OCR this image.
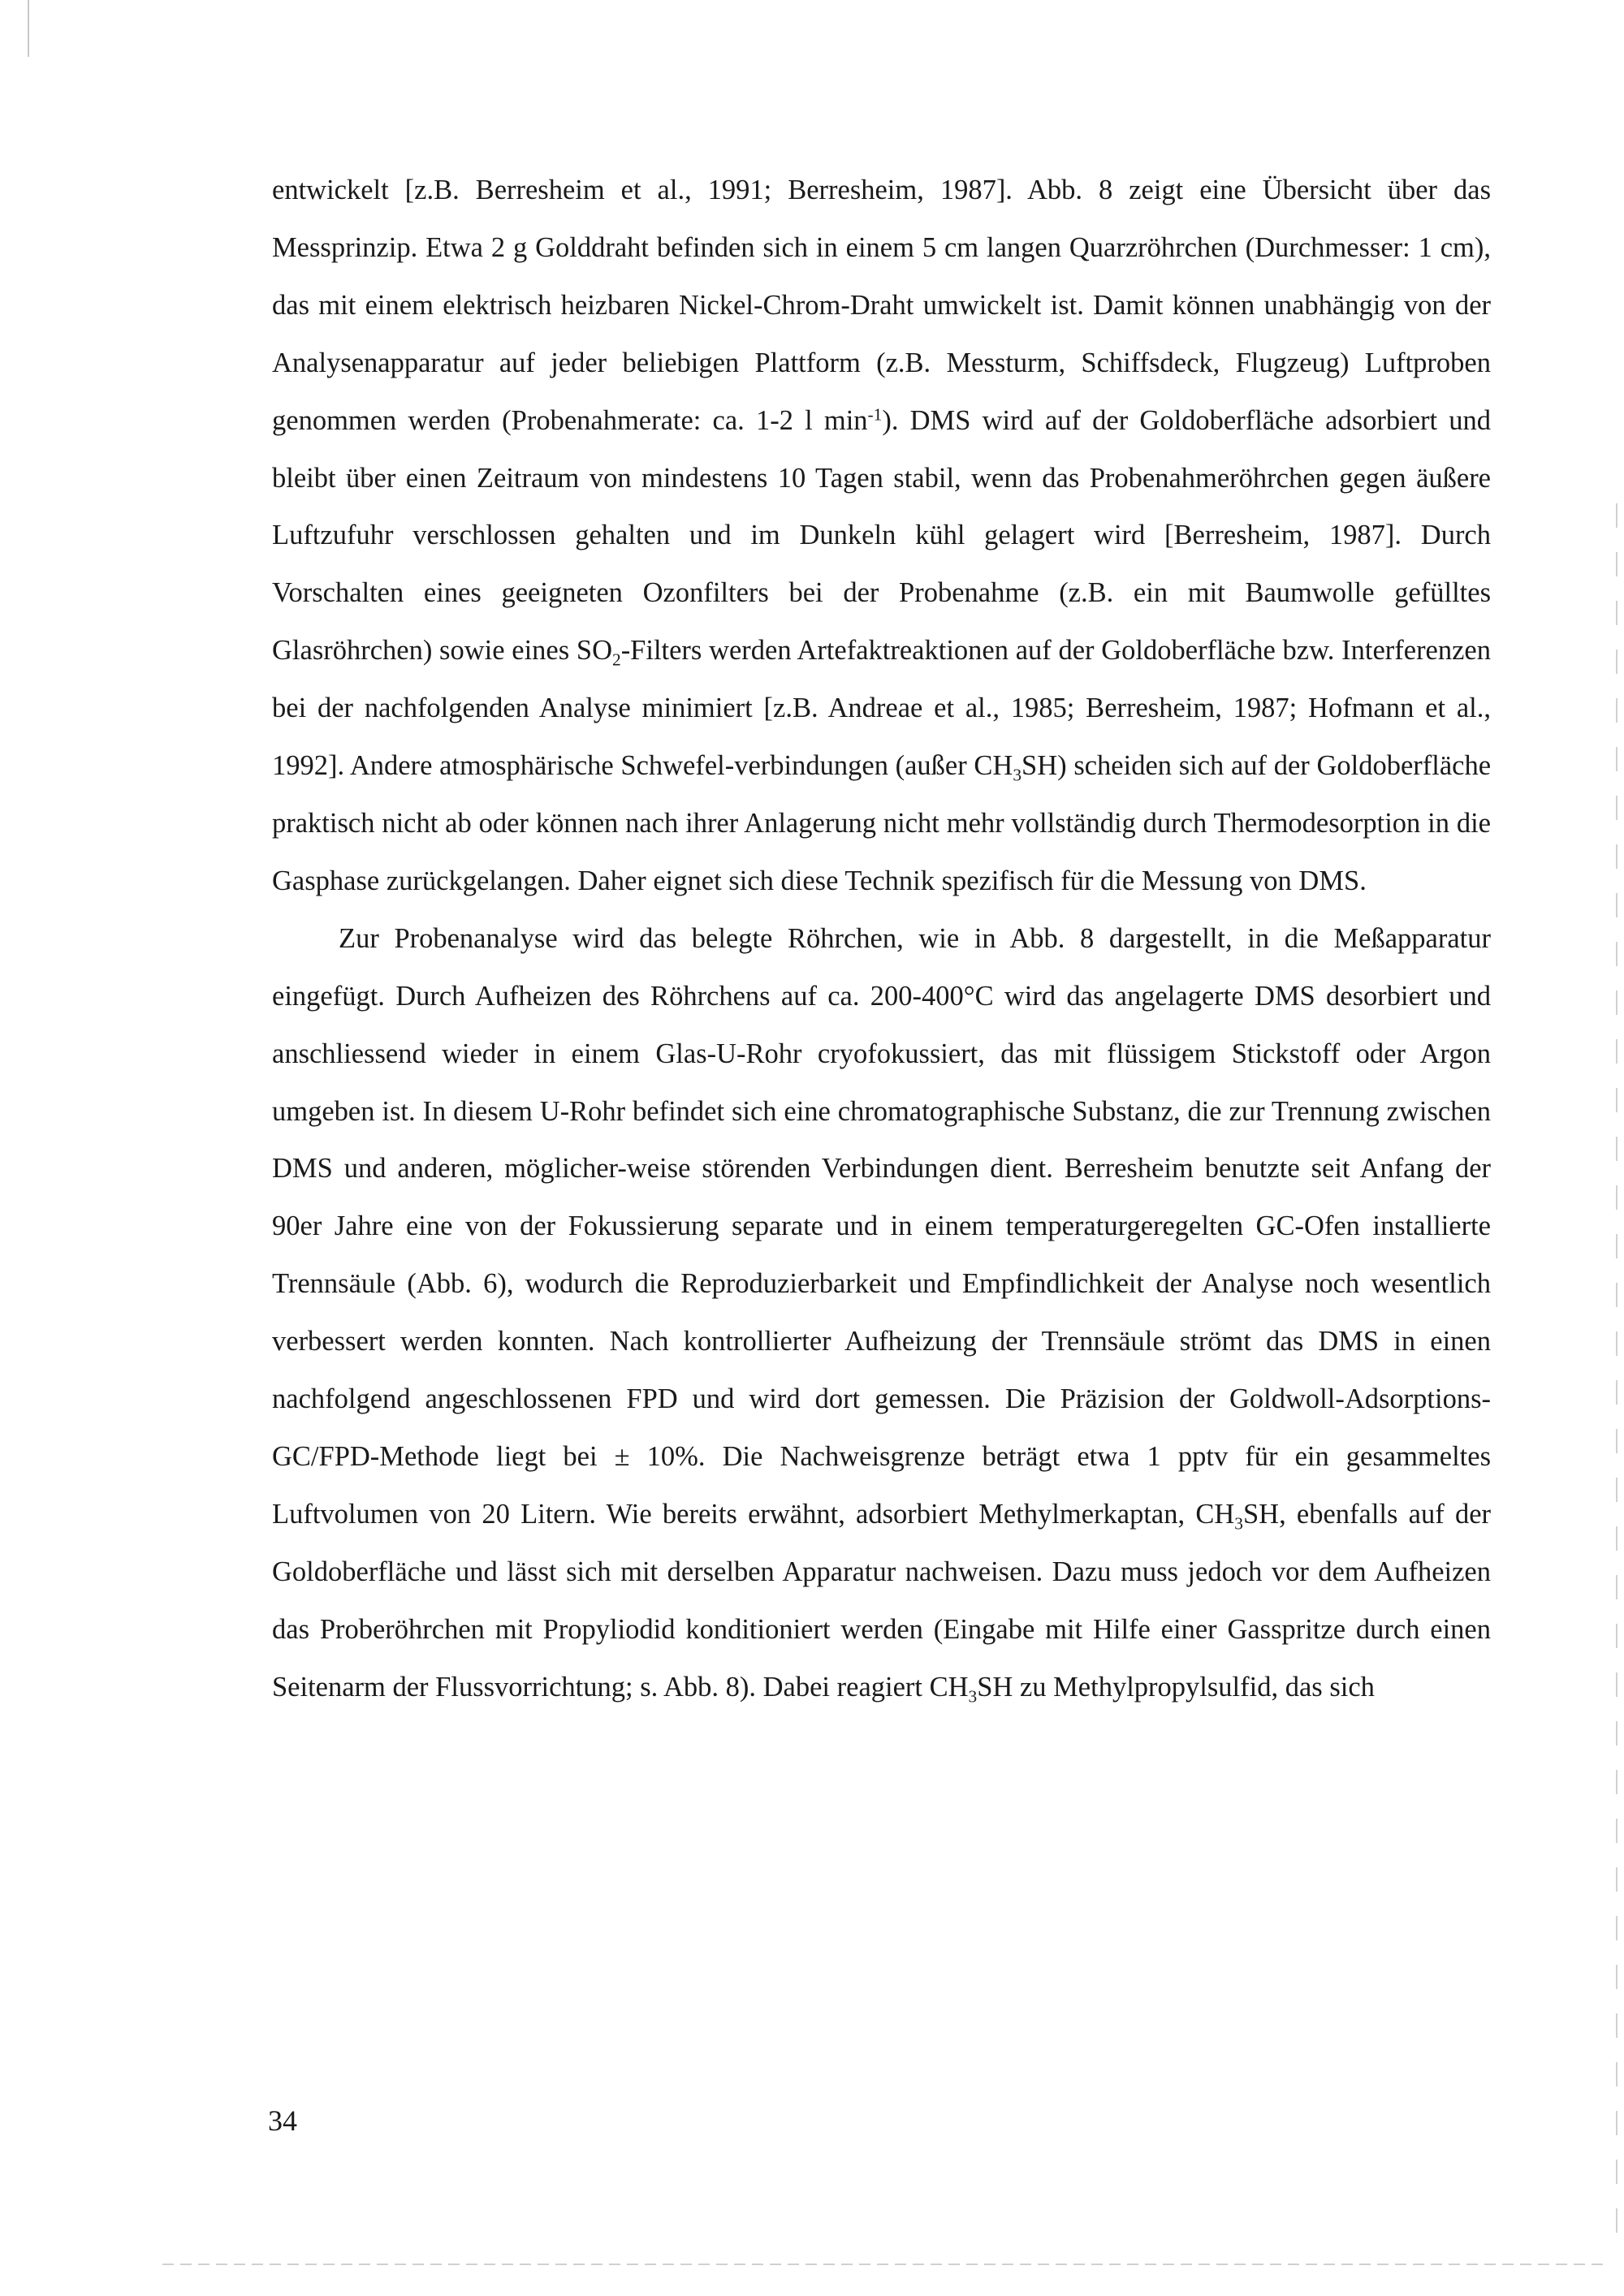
entwickelt [z.B. Berresheim et al., 1991; Berresheim, 1987]. Abb. 8 zeigt eine Übersicht über das Messprinzip. Etwa 2 g Golddraht befinden sich in einem 5 cm langen Quarzröhrchen (Durchmesser: 1 cm), das mit einem elektrisch heizbaren Nickel-Chrom-Draht umwickelt ist. Damit können unabhängig von der Analysenapparatur auf jeder beliebigen Plattform (z.B. Messturm, Schiffsdeck, Flugzeug) Luftproben genommen werden (Probenahmerate: ca. 1-2 l $\min^{-1}$). DMS wird auf der Goldoberfläche adsorbiert und bleibt über einen Zeitraum von mindestens 10 Tagen stabil, wenn das Probenahmeröhrchen gegen äußere Luftzufuhr verschlossen gehalten und im Dunkeln kühl gelagert wird [Berresheim, 1987]. Durch Vorschalten eines geeigneten Ozonfilters bei der Probenahme (z.B. ein mit Baumwolle gefülltes Glasröhrchen) sowie eines $SO_2$-Filters werden Artefaktreaktionen auf der Goldoberfläche bzw. Interferenzen bei der nachfolgenden Analyse minimiert [z.B. Andreae et al., 1985; Berresheim, 1987; Hofmann et al., 1992]. Andere atmosphärische Schwefel-verbindungen (außer $CH_3SH$) scheiden sich auf der Goldoberfläche praktisch nicht ab oder können nach ihrer Anlagerung nicht mehr vollständig durch Thermodesorption in die Gasphase zurückgelangen. Daher eignet sich diese Technik spezifisch für die Messung von DMS.

Zur Probenanalyse wird das belegte Röhrchen, wie in Abb. 8 dargestellt, in die Meßapparatur eingefügt. Durch Aufheizen des Röhrchens auf ca. 200-400°C wird das angelagerte DMS desorbiert und anschliessend wieder in einem Glas-U-Rohr cryofokussiert, das mit flüssigem Stickstoff oder Argon umgeben ist. In diesem U-Rohr befindet sich eine chromatographische Substanz, die zur Trennung zwischen DMS und anderen, möglicher-weise störenden Verbindungen dient. Berresheim benutzte seit Anfang der 90er Jahre eine von der Fokussierung separate und in einem temperaturgeregelten GC-Ofen installierte Trennsäule (Abb. 6), wodurch die Reproduzierbarkeit und Empfindlichkeit der Analyse noch wesentlich verbessert werden konnten. Nach kontrollierter Aufheizung der Trennsäule strömt das DMS in einen nachfolgend angeschlossenen FPD und wird dort gemessen. Die Präzision der Goldwoll-Adsorptions-GC/FPD-Methode liegt bei ± 10%. Die Nachweisgrenze beträgt etwa 1 pptv für ein gesammeltes Luftvolumen von 20 Litern. Wie bereits erwähnt, adsorbiert Methylmerkaptan, $CH_3SH$, ebenfalls auf der Goldoberfläche und lässt sich mit derselben Apparatur nachweisen. Dazu muss jedoch vor dem Aufheizen das Proberöhrchen mit Propyliodid konditioniert werden (Eingabe mit Hilfe einer Gasspritze durch einen Seitenarm der Flussvorrichtung; s. Abb. 8). Dabei reagiert $CH_3SH$ zu Methylpropylsulfid, das sich

34
